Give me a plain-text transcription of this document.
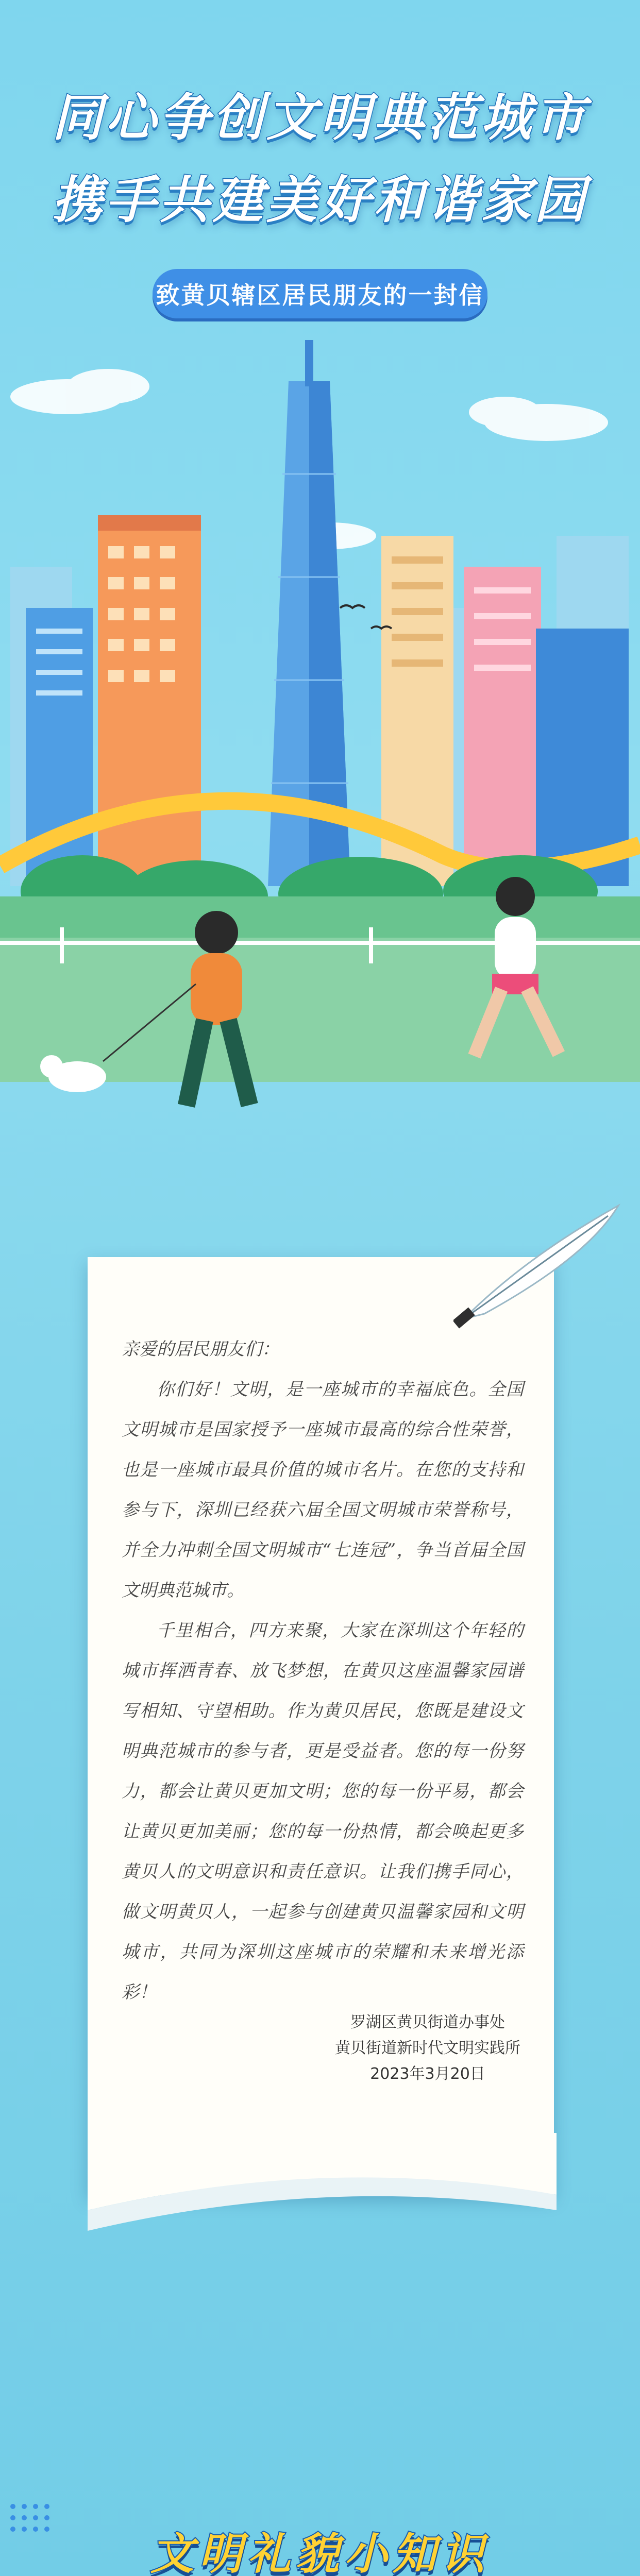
同心争创文明典范城市
携手共建美好和谐家园
致黄贝辖区居民朋友的一封信

亲爱的居民朋友们：

你们好！文明，是一座城市的幸福底色。全国文明城市是国家授予一座城市最高的综合性荣誉，也是一座城市最具价值的城市名片。在您的支持和参与下，深圳已经获六届全国文明城市荣誉称号，并全力冲刺全国文明城市“七连冠”，争当首届全国文明典范城市。

千里相合，四方来聚，大家在深圳这个年轻的城市挥洒青春、放飞梦想，在黄贝这座温馨家园谱写相知、守望相助。作为黄贝居民，您既是建设文明典范城市的参与者，更是受益者。您的每一份努力，都会让黄贝更加文明；您的每一份平易，都会让黄贝更加美丽；您的每一份热情，都会唤起更多黄贝人的文明意识和责任意识。让我们携手同心，做文明黄贝人，一起参与创建黄贝温馨家园和文明城市，共同为深圳这座城市的荣耀和未来增光添彩！

罗湖区黄贝街道办事处
黄贝街道新时代文明实践所
2023年3月20日
文明礼貌小知识
